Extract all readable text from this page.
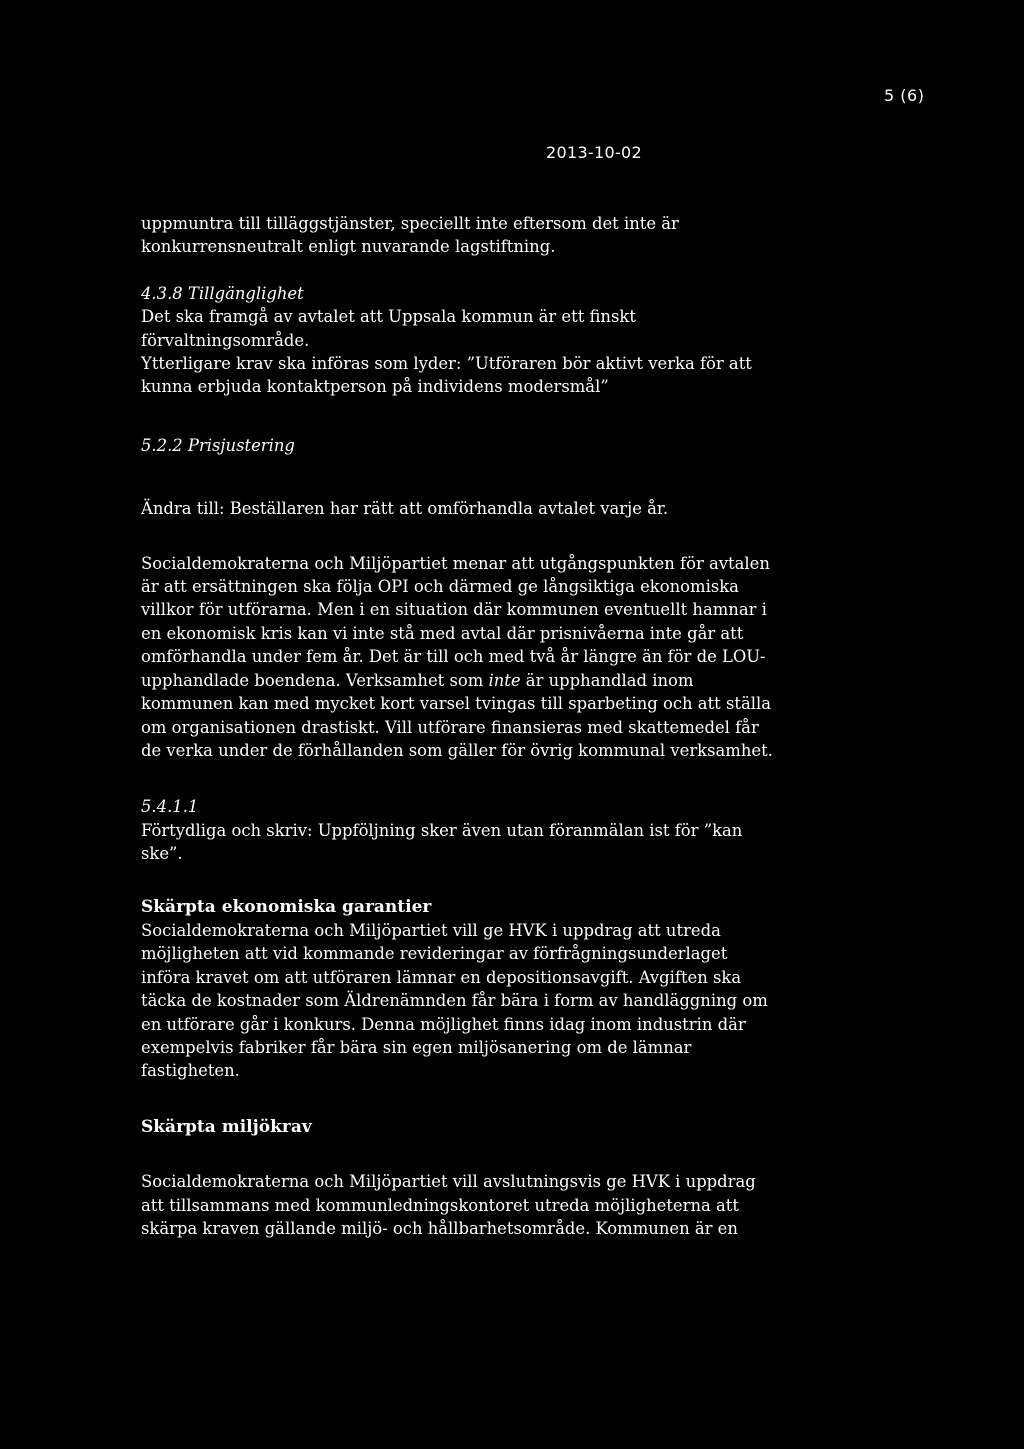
5 (6)
2013-10-02

uppmuntra till tilläggstjänster, speciellt inte eftersom det inte är

konkurrensneutralt enligt nuvarande lagstiftning.

4.3.8 Tillgänglighet

Det ska framgå av avtalet att Uppsala kommun är ett finskt

förvaltningsområde.

Ytterligare krav ska införas som lyder: ”Utföraren bör aktivt verka för att

kunna erbjuda kontaktperson på individens modersmål”

5.2.2 Prisjustering

Ändra till: Beställaren har rätt att omförhandla avtalet varje år.

Socialdemokraterna och Miljöpartiet menar att utgångspunkten för avtalen

är att ersättningen ska följa OPI och därmed ge långsiktiga ekonomiska

villkor för utförarna. Men i en situation där kommunen eventuellt hamnar i

en ekonomisk kris kan vi inte stå med avtal där prisnivåerna inte går att

omförhandla under fem år. Det är till och med två år längre än för de LOU-

upphandlade boendena. Verksamhet som inte är upphandlad inom

kommunen kan med mycket kort varsel tvingas till sparbeting och att ställa

om organisationen drastiskt. Vill utförare finansieras med skattemedel får

de verka under de förhållanden som gäller för övrig kommunal verksamhet.

5.4.1.1

Förtydliga och skriv: Uppföljning sker även utan föranmälan ist för ”kan

ske”.

Skärpta ekonomiska garantier

Socialdemokraterna och Miljöpartiet vill ge HVK i uppdrag att utreda

möjligheten att vid kommande revideringar av förfrågningsunderlaget

införa kravet om att utföraren lämnar en depositionsavgift. Avgiften ska

täcka de kostnader som Äldrenämnden får bära i form av handläggning om

en utförare går i konkurs. Denna möjlighet finns idag inom industrin där

exempelvis fabriker får bära sin egen miljösanering om de lämnar

fastigheten.

Skärpta miljökrav

Socialdemokraterna och Miljöpartiet vill avslutningsvis ge HVK i uppdrag

att tillsammans med kommunledningskontoret utreda möjligheterna att

skärpa kraven gällande miljö- och hållbarhetsområde. Kommunen är en
